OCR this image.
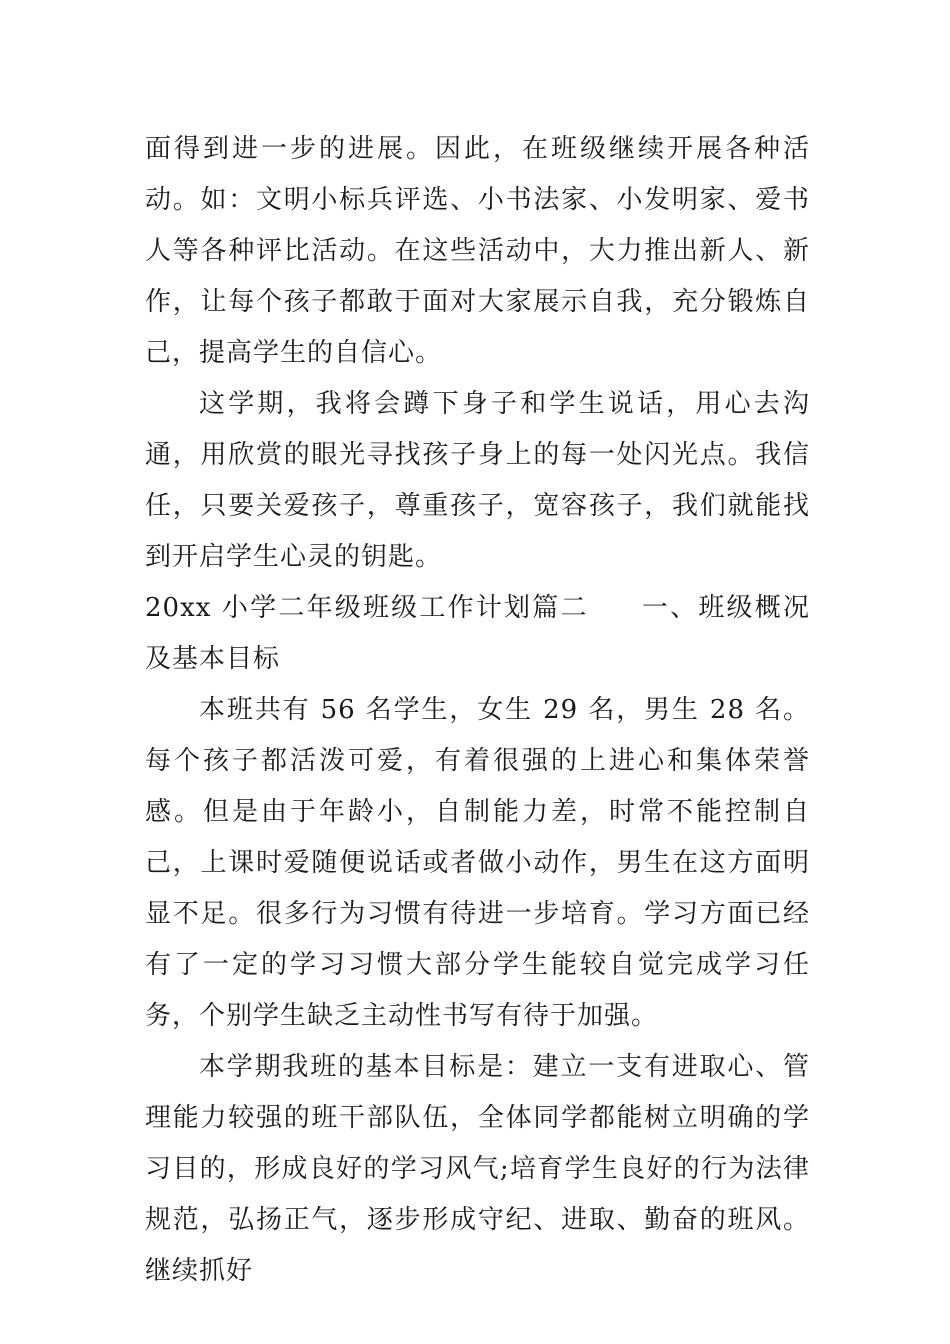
面得到进一步的进展。因此，在班级继续开展各种活动。如：文明小标兵评选、小书法家、小发明家、爱书人等各种评比活动。在这些活动中，大力推出新人、新作，让每个孩子都敢于面对大家展示自我，充分锻炼自己，提高学生的自信心。

这学期，我将会蹲下身子和学生说话，用心去沟通，用欣赏的眼光寻找孩子身上的每一处闪光点。我信任，只要关爱孩子，尊重孩子，宽容孩子，我们就能找到开启学生心灵的钥匙。

20xx 小学二年级班级工作计划篇二 一、班级概况及基本目标

本班共有 56 名学生，女生 29 名，男生 28 名。每个孩子都活泼可爱，有着很强的上进心和集体荣誉感。但是由于年龄小，自制能力差，时常不能控制自己，上课时爱随便说话或者做小动作，男生在这方面明显不足。很多行为习惯有待进一步培育。学习方面已经有了一定的学习习惯大部分学生能较自觉完成学习任务，个别学生缺乏主动性书写有待于加强。

本学期我班的基本目标是：建立一支有进取心、管理能力较强的班干部队伍，全体同学都能树立明确的学习目的，形成良好的学习风气;培育学生良好的行为法律规范，弘扬正气，逐步形成守纪、进取、勤奋的班风。继续抓好
